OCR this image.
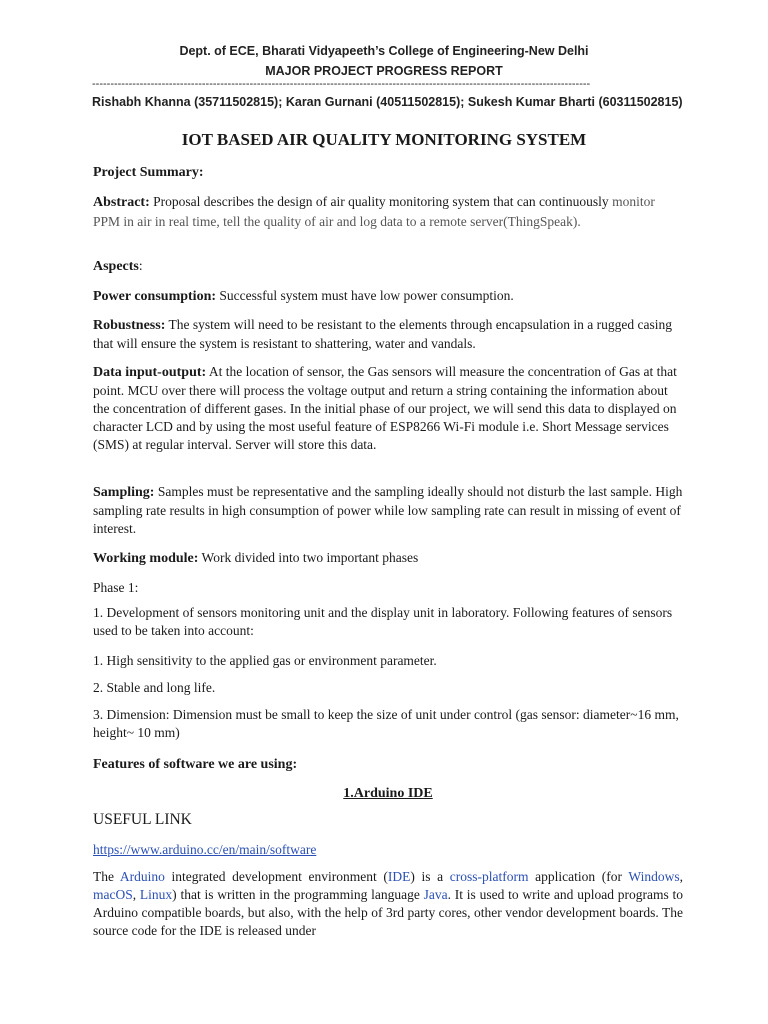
Dept. of ECE, Bharati Vidyapeeth’s College of Engineering-New Delhi
MAJOR PROJECT PROGRESS REPORT
----------------------------------------------------------------------------------------------------------------------------------------
Rishabh Khanna (35711502815); Karan Gurnani (40511502815); Sukesh Kumar Bharti (60311502815)
IOT BASED AIR QUALITY MONITORING SYSTEM
Project Summary:
Abstract: Proposal describes the design of air quality monitoring system that can continuously monitor PPM in air in real time, tell the quality of air and log data to a remote server(ThingSpeak).
Aspects:
Power consumption: Successful system must have low power consumption.
Robustness: The system will need to be resistant to the elements through encapsulation in a rugged casing that will ensure the system is resistant to shattering, water and vandals.
Data input-output: At the location of sensor, the Gas sensors will measure the concentration of Gas at that point. MCU over there will process the voltage output and return a string containing the information about the concentration of different gases. In the initial phase of our project, we will send this data to displayed on character LCD and by using the most useful feature of ESP8266 Wi-Fi module i.e. Short Message services (SMS) at regular interval. Server will store this data.
Sampling: Samples must be representative and the sampling ideally should not disturb the last sample. High sampling rate results in high consumption of power while low sampling rate can result in missing of event of interest.
Working module: Work divided into two important phases
Phase 1:
1. Development of sensors monitoring unit and the display unit in laboratory. Following features of sensors used to be taken into account:
1. High sensitivity to the applied gas or environment parameter.
2. Stable and long life.
3. Dimension: Dimension must be small to keep the size of unit under control (gas sensor: diameter~16 mm, height~ 10 mm)
Features of software we are using:
1.Arduino IDE
USEFUL LINK
https://www.arduino.cc/en/main/software
The Arduino integrated development environment (IDE) is a cross-platform application (for Windows, macOS, Linux) that is written in the programming language Java. It is used to write and upload programs to Arduino compatible boards, but also, with the help of 3rd party cores, other vendor development boards. The source code for the IDE is released under
